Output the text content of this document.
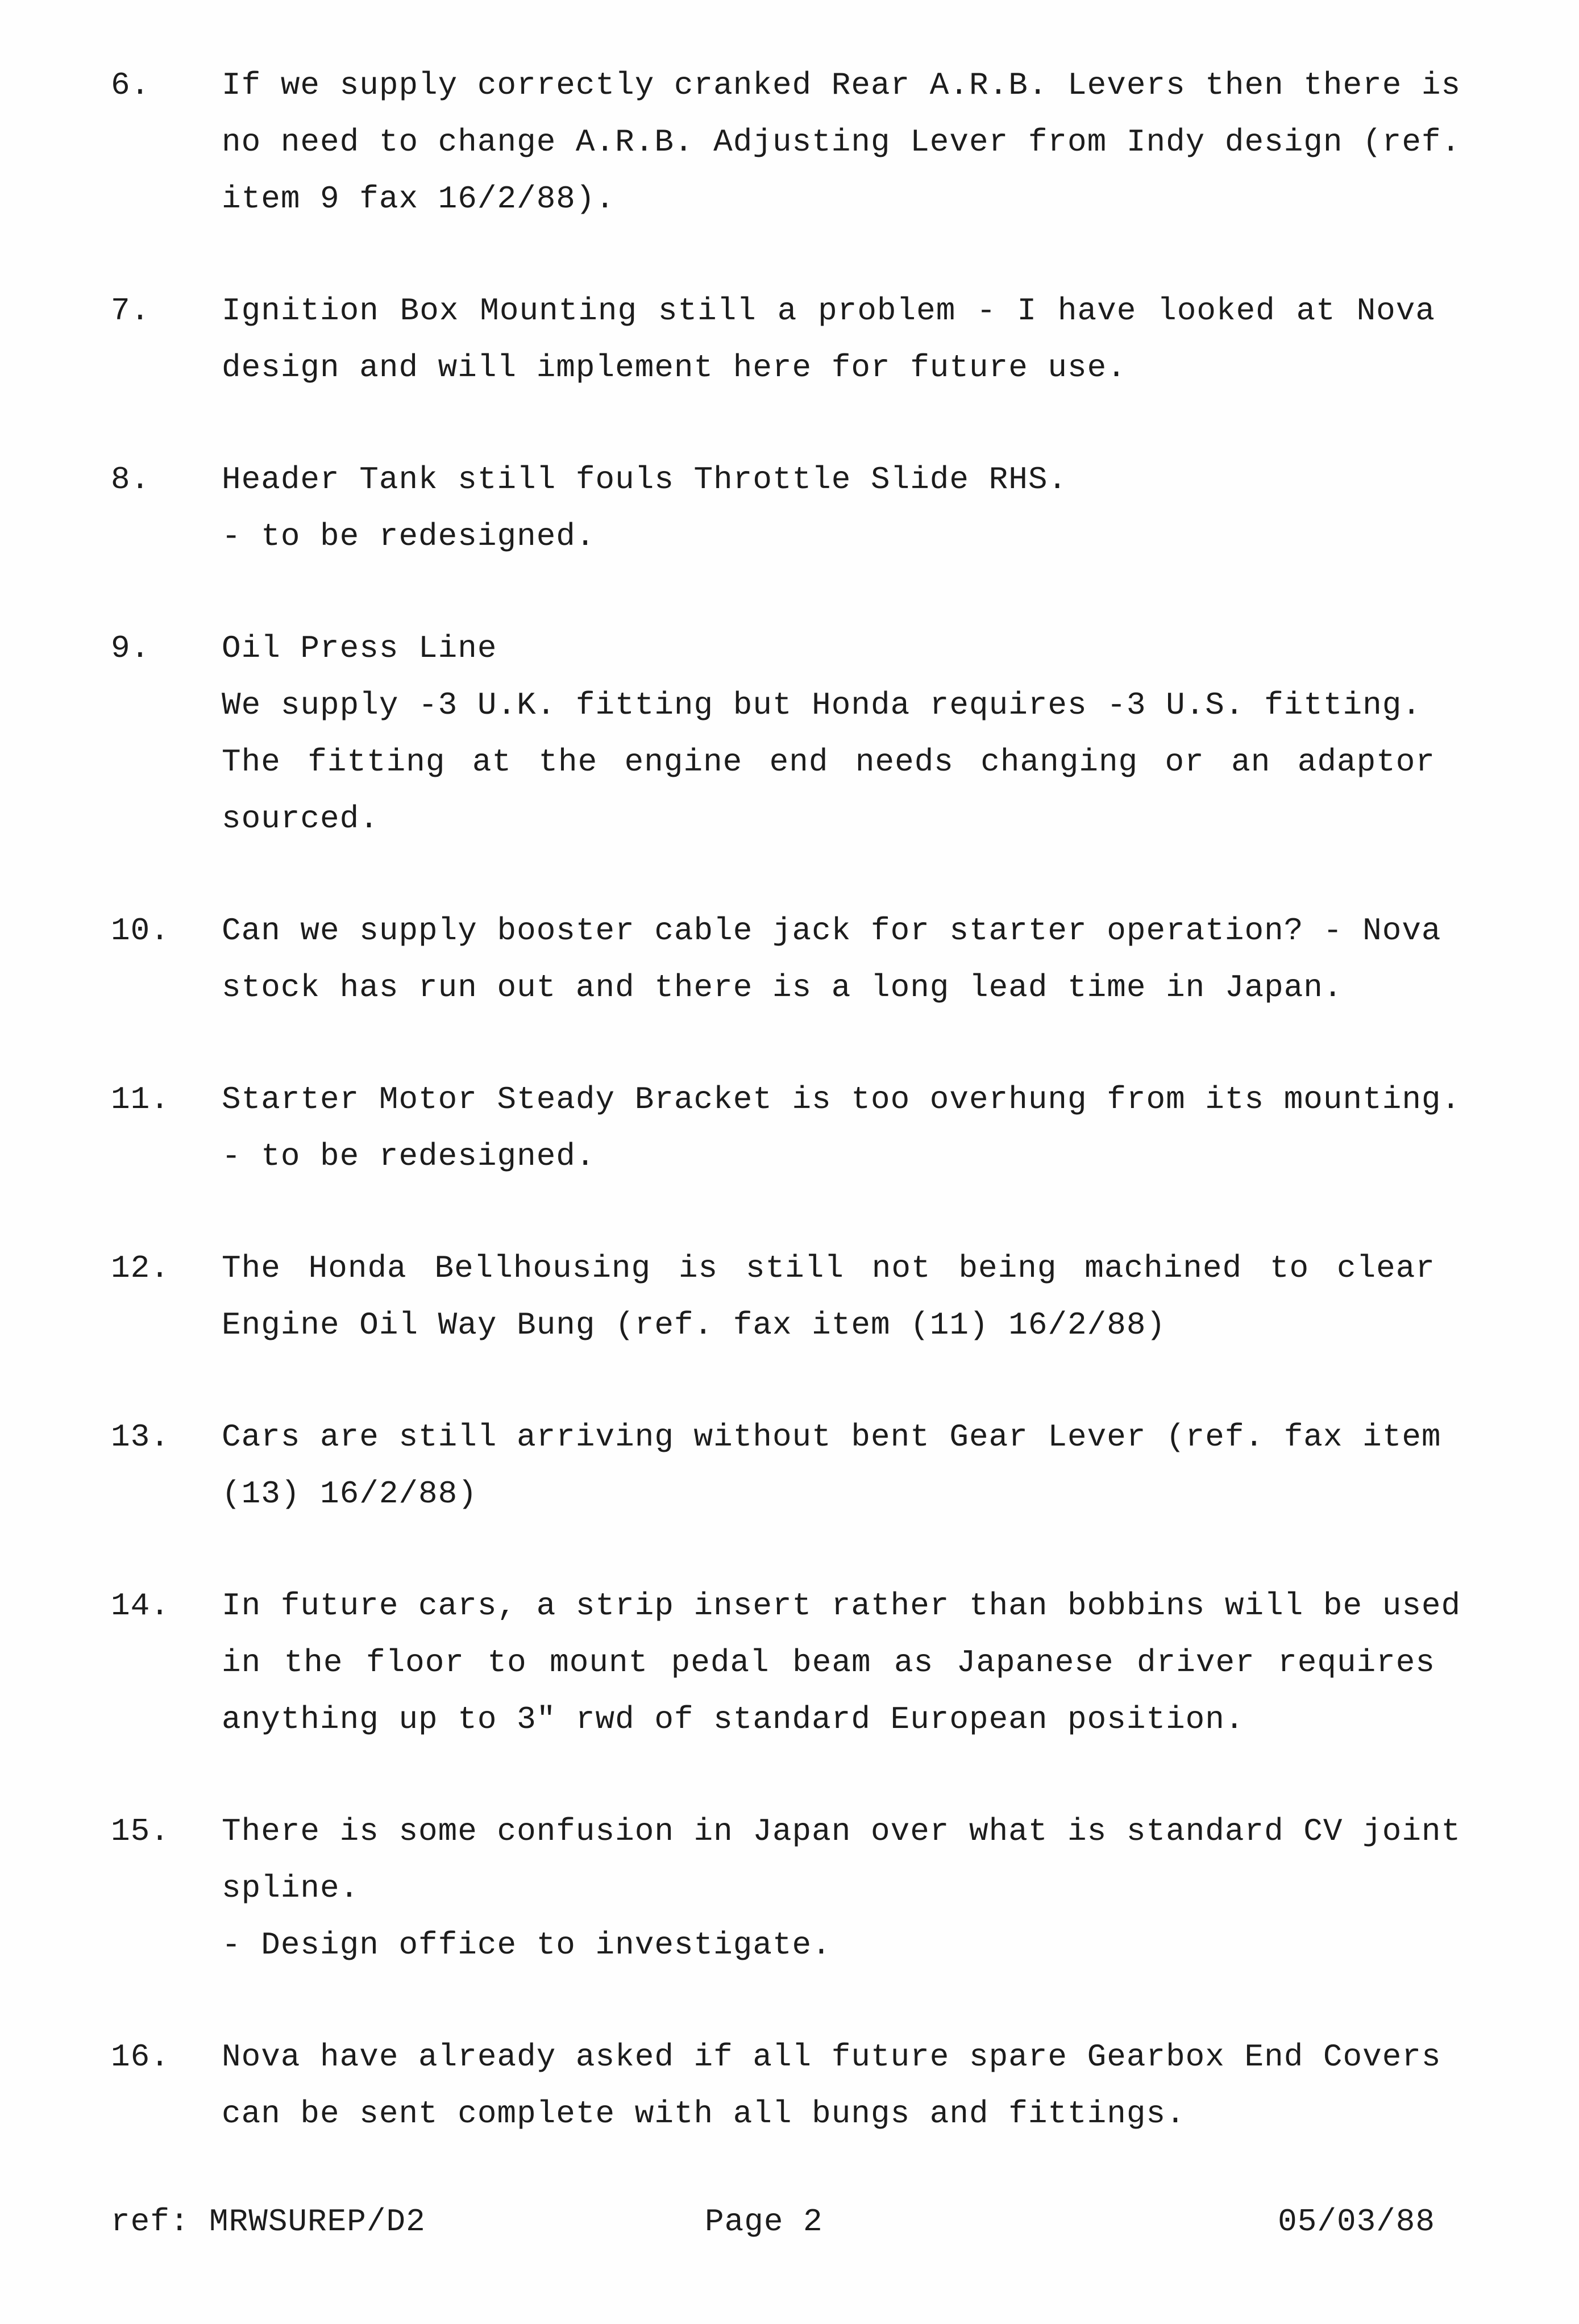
6.	If we supply correctly cranked Rear A.R.B. Levers then there is
no need to change A.R.B. Adjusting Lever from Indy design (ref.
item 9 fax 16/2/88).
7.	Ignition Box Mounting still a problem - I have looked at Nova
design and will implement here for future use.
8.	Header Tank still fouls Throttle Slide RHS.
- to be redesigned.
9.	Oil Press Line
We supply -3 U.K. fitting but Honda requires -3 U.S. fitting.
The fitting at the engine end needs changing or an adaptor
sourced.
10.	Can we supply booster cable jack for starter operation? - Nova
stock has run out and there is a long lead time in Japan.
11.	Starter Motor Steady Bracket is too overhung from its mounting.
- to be redesigned.
12.	The Honda Bellhousing is still not being machined to clear
Engine Oil Way Bung (ref. fax item (11) 16/2/88)
13.	Cars are still arriving without bent Gear Lever (ref. fax item
(13) 16/2/88)
14.	In future cars, a strip insert rather than bobbins will be used
in the floor to mount pedal beam as Japanese driver requires
anything up to 3" rwd of standard European position.
15.	There is some confusion in Japan over what is standard CV joint
spline.
- Design office to investigate.
16.	Nova have already asked if all future spare Gearbox End Covers
can be sent complete with all bungs and fittings.
ref: MRWSUREP/D2	Page 2	05/03/88
